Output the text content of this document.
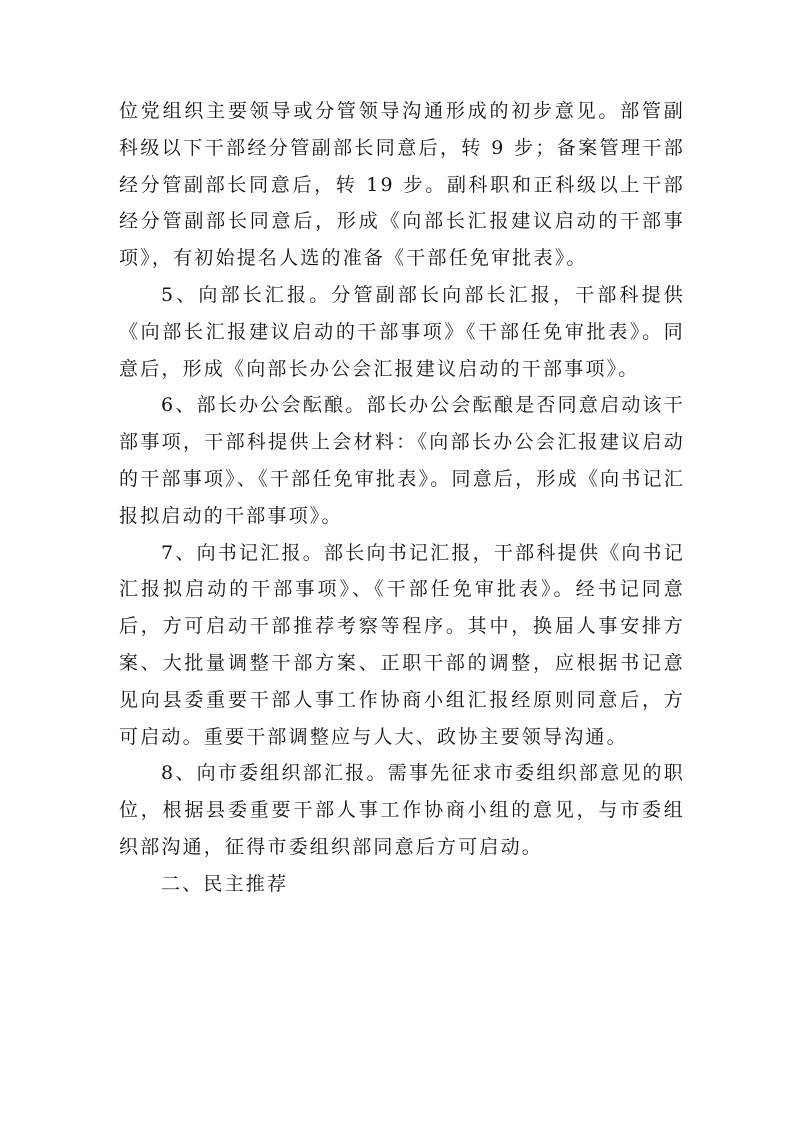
位党组织主要领导或分管领导沟通形成的初步意见。部管副科级以下干部经分管副部长同意后，转 9 步；备案管理干部经分管副部长同意后，转 19 步。副科职和正科级以上干部经分管副部长同意后，形成《向部长汇报建议启动的干部事项》，有初始提名人选的准备《干部任免审批表》。

5、向部长汇报。分管副部长向部长汇报，干部科提供《向部长汇报建议启动的干部事项》《干部任免审批表》。同意后，形成《向部长办公会汇报建议启动的干部事项》。

6、部长办公会酝酿。部长办公会酝酿是否同意启动该干部事项，干部科提供上会材料：《向部长办公会汇报建议启动的干部事项》、《干部任免审批表》。同意后，形成《向书记汇报拟启动的干部事项》。

7、向书记汇报。部长向书记汇报，干部科提供《向书记汇报拟启动的干部事项》、《干部任免审批表》。经书记同意后，方可启动干部推荐考察等程序。其中，换届人事安排方案、大批量调整干部方案、正职干部的调整，应根据书记意见向县委重要干部人事工作协商小组汇报经原则同意后，方可启动。重要干部调整应与人大、政协主要领导沟通。

8、向市委组织部汇报。需事先征求市委组织部意见的职位，根据县委重要干部人事工作协商小组的意见，与市委组织部沟通，征得市委组织部同意后方可启动。

二、民主推荐
